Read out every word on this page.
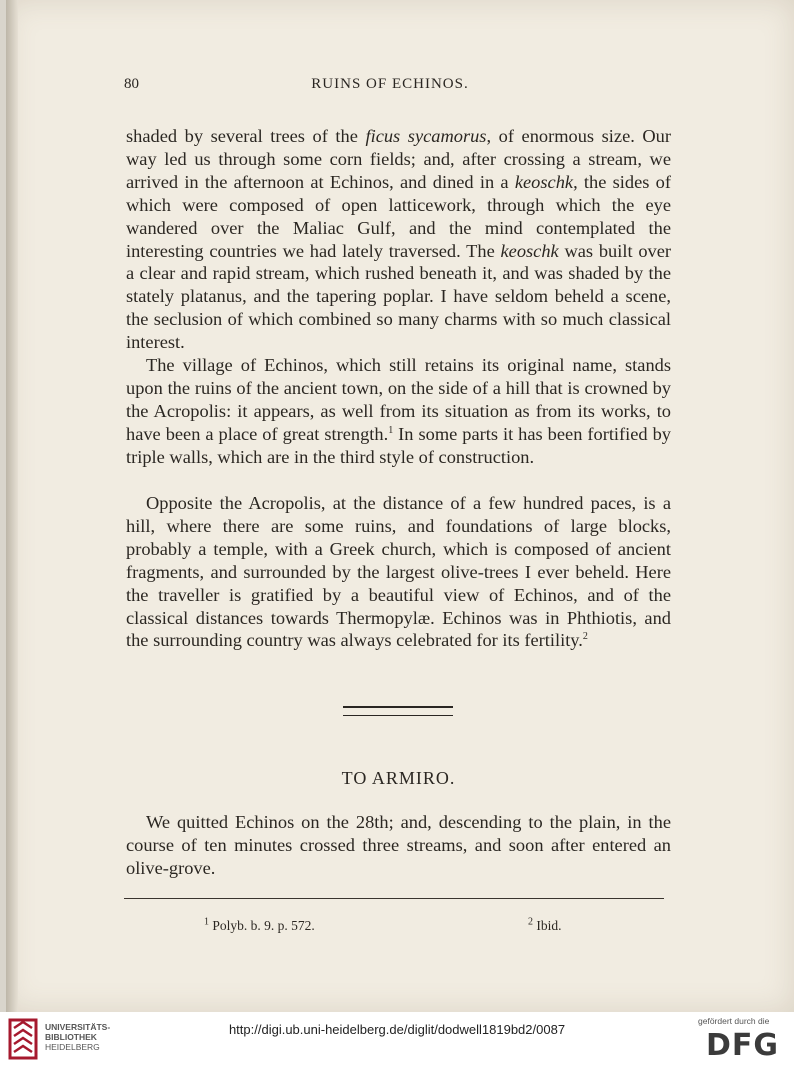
80	RUINS OF ECHINOS.

shaded by several trees of the ficus sycamorus, of enormous size. Our way led us through some corn fields; and, after crossing a stream, we arrived in the afternoon at Echinos, and dined in a keoschk, the sides of which were composed of open latticework, through which the eye wandered over the Maliac Gulf, and the mind contemplated the interesting countries we had lately traversed. The keoschk was built over a clear and rapid stream, which rushed beneath it, and was shaded by the stately platanus, and the tapering poplar. I have seldom beheld a scene, the seclusion of which combined so many charms with so much classical interest.

The village of Echinos, which still retains its original name, stands upon the ruins of the ancient town, on the side of a hill that is crowned by the Acropolis: it appears, as well from its situation as from its works, to have been a place of great strength.$^1$ In some parts it has been fortified by triple walls, which are in the third style of construction.

Opposite the Acropolis, at the distance of a few hundred paces, is a hill, where there are some ruins, and foundations of large blocks, probably a temple, with a Greek church, which is composed of ancient fragments, and surrounded by the largest olive-trees I ever beheld. Here the traveller is gratified by a beautiful view of Echinos, and of the classical distances towards Thermopylæ. Echinos was in Phthiotis, and the surrounding country was always celebrated for its fertility.$^2$

TO ARMIRO.

We quitted Echinos on the 28th; and, descending to the plain, in the course of ten minutes crossed three streams, and soon after entered an olive-grove.

$^1$ Polyb. b. 9. p. 572.	$^2$ Ibid.
UNIVERSITÄTS-
BIBLIOTHEK
HEIDELBERG
http://digi.ub.uni-heidelberg.de/diglit/dodwell1819bd2/0087
gefördert durch die
DFG
